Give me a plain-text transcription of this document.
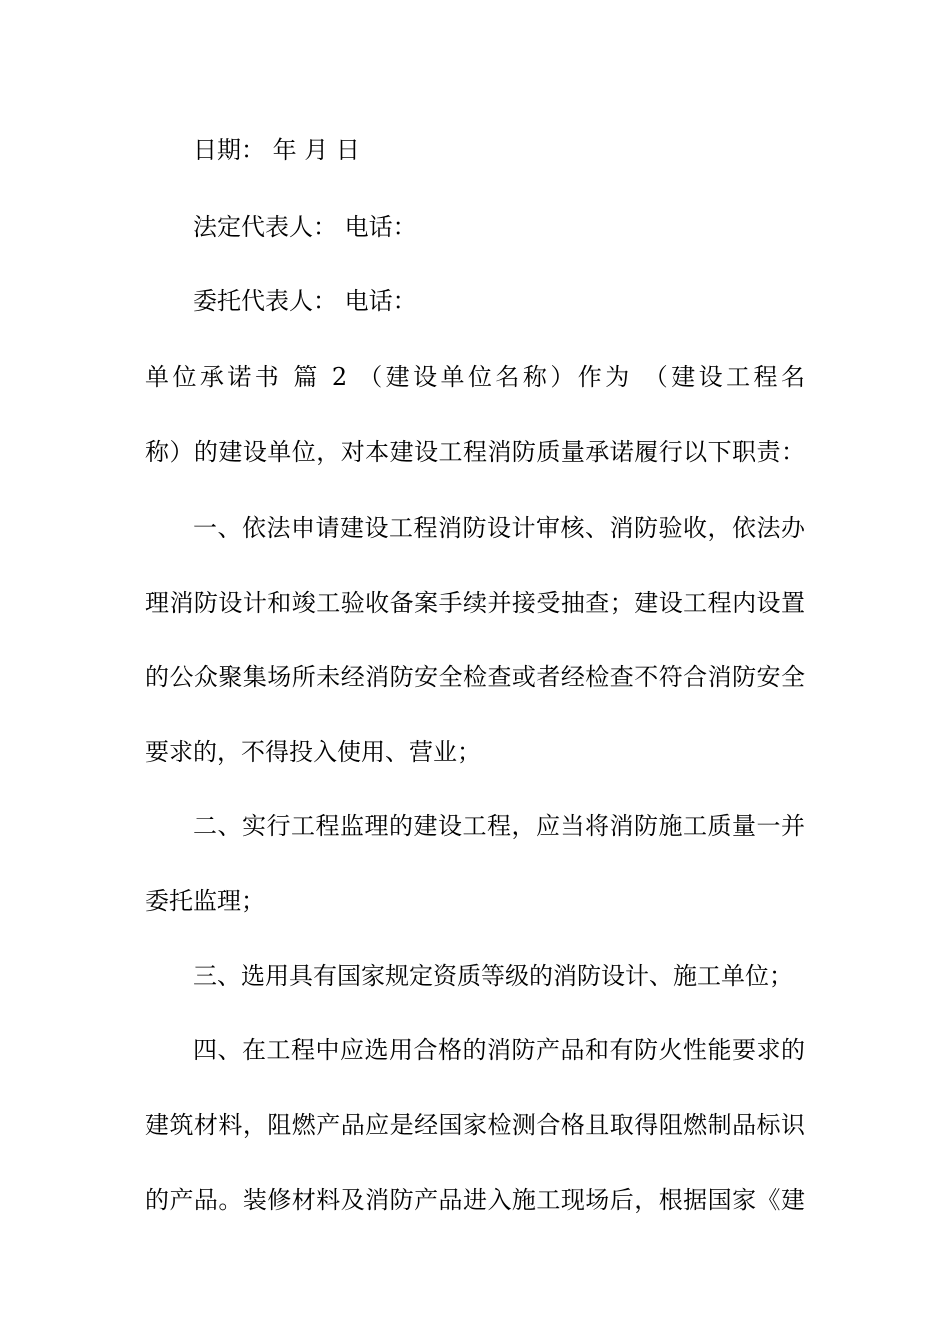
日期： 年 月 日
法定代表人： 电话：
委托代表人： 电话：
单位承诺书 篇 2 （建设单位名称）作为 （建设工程名
称）的建设单位，对本建设工程消防质量承诺履行以下职责：
一、依法申请建设工程消防设计审核、消防验收，依法办
理消防设计和竣工验收备案手续并接受抽查；建设工程内设置
的公众聚集场所未经消防安全检查或者经检查不符合消防安全
要求的，不得投入使用、营业；
二、实行工程监理的建设工程，应当将消防施工质量一并
委托监理；
三、选用具有国家规定资质等级的消防设计、施工单位；
四、在工程中应选用合格的消防产品和有防火性能要求的
建筑材料，阻燃产品应是经国家检测合格且取得阻燃制品标识
的产品。装修材料及消防产品进入施工现场后，根据国家《建
